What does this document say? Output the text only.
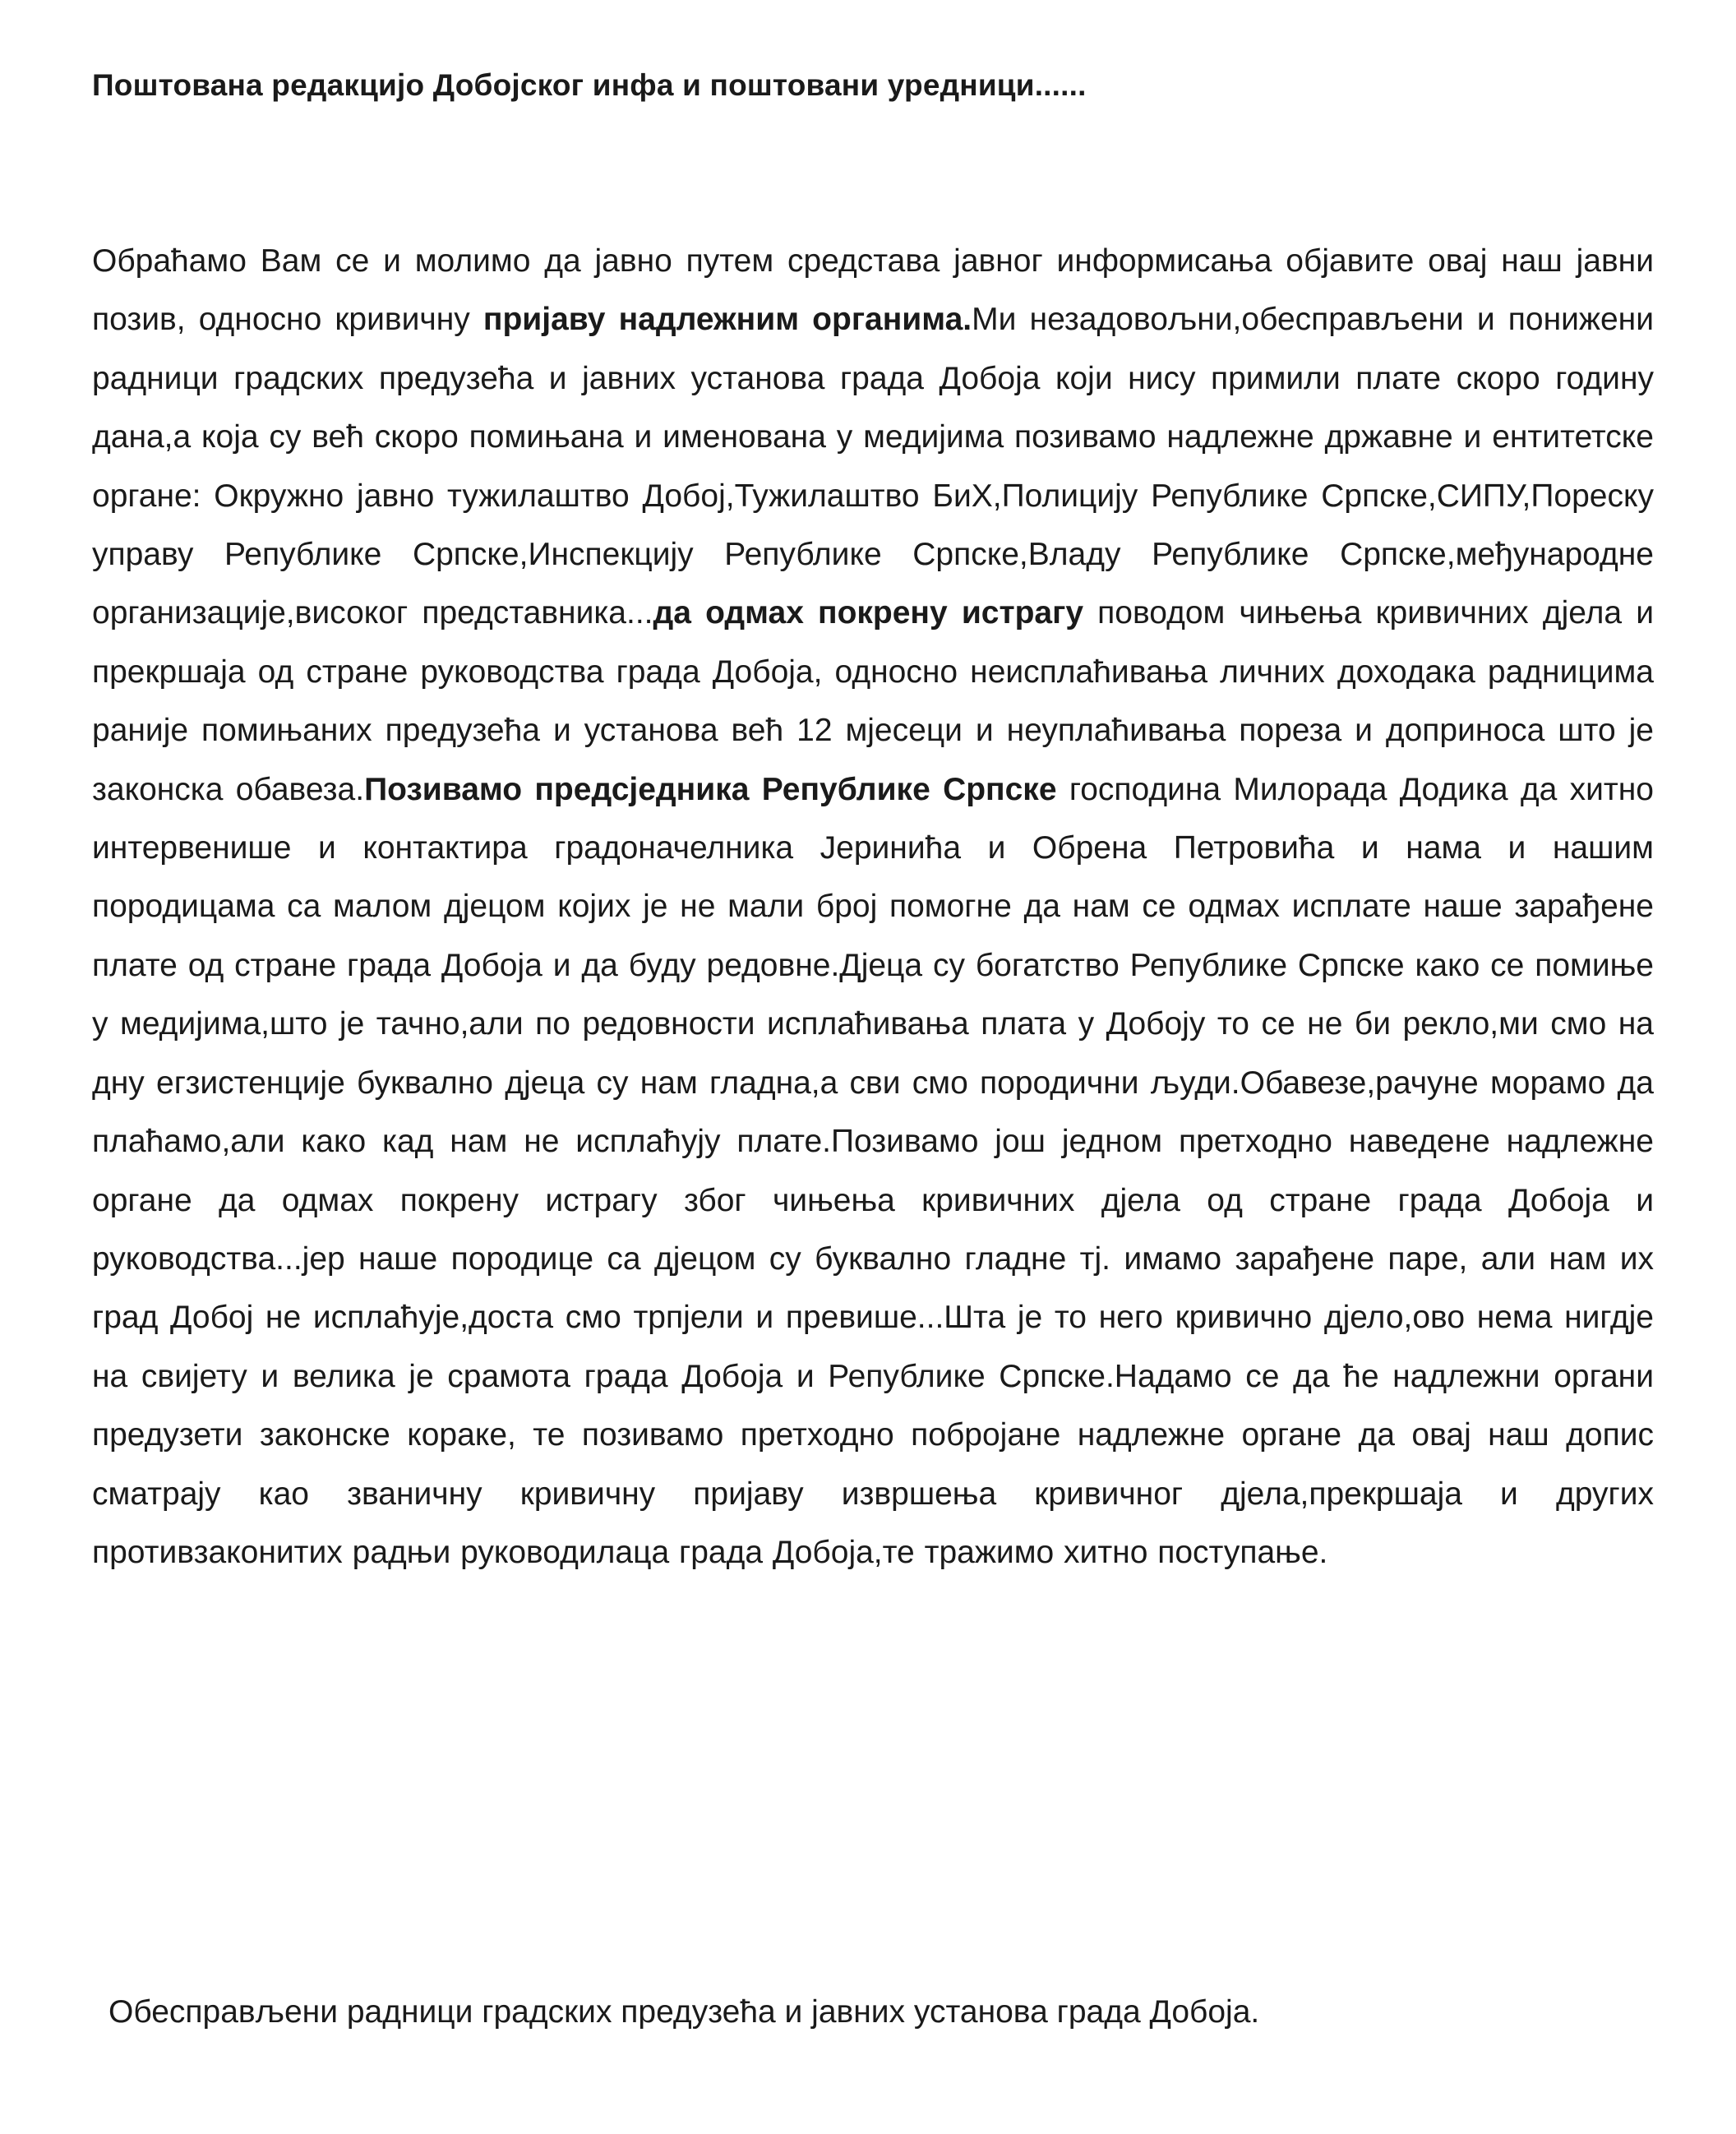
Поштована редакцијо Добојског инфа и поштовани уредници......

Обраћамо Вам се и молимо да јавно путем средстава јавног информисања објавите овај наш јавни позив, односно кривичну пријаву надлежним органима.Ми незадовољни,обесправљени и понижени радници градских предузећа и јавних установа града Добоја који нису примили плате скоро годину дана,а која су већ скоро помињана и именована у медијима позивамо надлежне државне и ентитетске органе: Окружно јавно тужилаштво Добој,Тужилаштво БиХ,Полицију Републике Српске,СИПУ,Пореску управу Републике Српске,Инспекцију Републике Српске,Владу Републике Српске,међународне организације,високог представника...да одмах покрену истрагу поводом чињења кривичних дјела и прекршаја од стране руководства града Добоја, односно неисплаћивања личних доходака радницима раније помињаних предузећа и установа већ 12 мјесеци и неуплаћивања пореза и доприноса што је законска обавеза.Позивамо предсједника Републике Српске господина Милорада Додика да хитно интервенише и контактира градоначелника Јеринића и Обрена Петровића и нама и нашим породицама са малом дјецом којих је не мали број помогне да нам се одмах исплате наше зарађене плате од стране града Добоја и да буду редовне.Дјеца су богатство Републике Српске како се помиње у медијима,што је тачно,али по редовности исплаћивања плата у Добоју то се не би рекло,ми смо на дну егзистенције буквално дјеца су нам гладна,а сви смо породични људи.Обавезе,рачуне морамо да плаћамо,али како кад нам не исплаћују плате.Позивамо још једном претходно наведене надлежне органе да одмах покрену истрагу због чињења кривичних дјела од стране града Добоја и руководства...јер наше породице са дјецом су буквално гладне тј. имамо зарађене паре, али нам их град Добој не исплаћује,доста смо трпјели и превише...Шта је то него кривично дјело,ово нема нигдје на свијету и велика је срамота града Добоја и Републике Српске.Надамо се да ће надлежни органи предузети законске кораке, те позивамо претходно побројане надлежне органе да овај наш допис сматрају као званичну кривичну пријаву извршења кривичног дјела,прекршаја и других противзаконитих радњи руководилаца града Добоја,те тражимо хитно поступање.

Обесправљени радници градских предузећа и јавних установа града Добоја.
